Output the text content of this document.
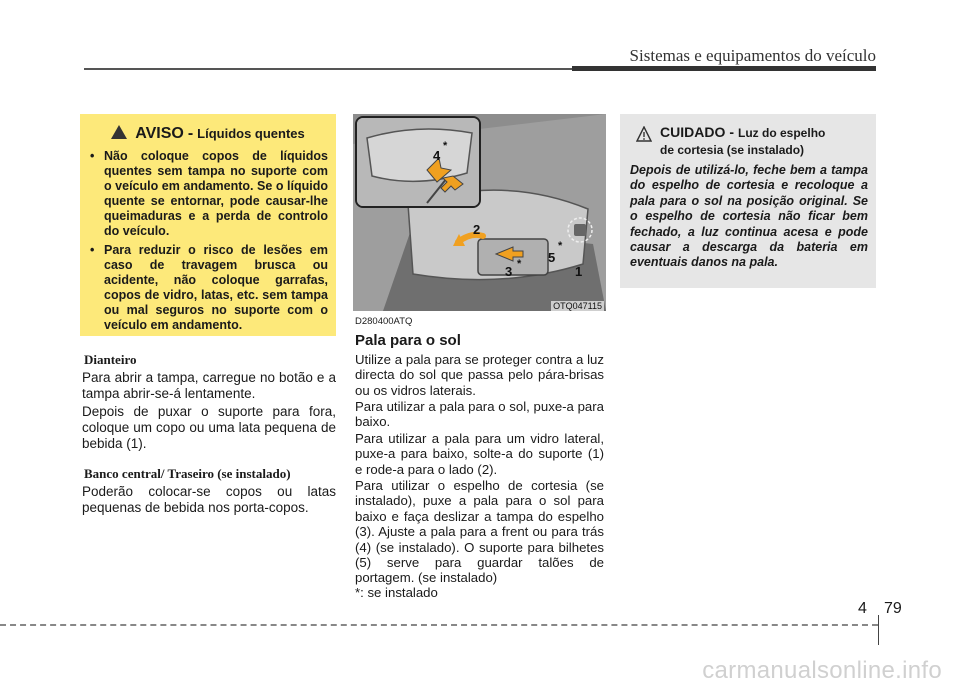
Sistemas e equipamentos do veículo
AVISO - Líquidos quentes
• Não coloque copos de líquidos quentes sem tampa no suporte com o veículo em andamento. Se o líquido quente se entornar, pode causar-lhe queimaduras e a perda de controlo do veículo.
• Para reduzir o risco de lesões em caso de travagem brusca ou acidente, não coloque garrafas, copos de vidro, latas, etc. sem tampa ou mal seguros no suporte com o veículo em andamento.
Dianteiro
Para abrir a tampa, carregue no botão e a tampa abrir-se-á lentamente.
Depois de puxar o suporte para fora, coloque um copo ou uma lata pequena de bebida (1).
Banco central/ Traseiro (se instalado)
Poderão colocar-se copos ou latas pequenas de bebida nos porta-copos.
4
*
2
5
*
3 *	1
OTQ047115
D280400ATQ
Pala para o sol
Utilize a pala para se proteger contra a luz directa do sol que passa pelo pára-brisas ou os vidros laterais.
Para utilizar a pala para o sol, puxe-a para baixo.
Para utilizar a pala para um vidro lateral, puxe-a para baixo, solte-a do suporte (1) e rode-a para o lado (2).
Para utilizar o espelho de cortesia (se instalado), puxe a pala para o sol para baixo e faça deslizar a tampa do espelho (3). Ajuste a pala para a frent ou para trás (4) (se instalado). O suporte para bilhetes (5) serve para guardar talões de portagem. (se instalado)
*: se instalado
CUIDADO - Luz do espelho
de cortesia (se instalado)
Depois de utilizá-lo, feche bem a tampa do espelho de cortesia e recoloque a pala para o sol na posição original. Se o espelho de cortesia não ficar bem fechado, a luz continua acesa e pode causar a descarga da bateria em eventuais danos na pala.
4 79
carmanualsonline.info
